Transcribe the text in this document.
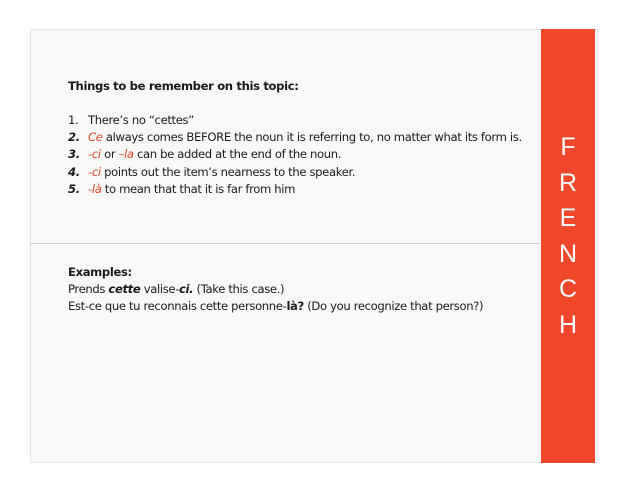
F
R
E
N
C
H
Things to be remember on this topic:
1. There’s no “cettes”
2. Ce always comes BEFORE the noun it is referring to, no matter what its form is.
3. -ci or –la can be added at the end of the noun.
4. -ci points out the item’s nearness to the speaker.
5. -là to mean that that it is far from him
Examples:
Prends cette valise-ci. (Take this case.)
Est-ce que tu reconnais cette personne-là? (Do you recognize that person?)
